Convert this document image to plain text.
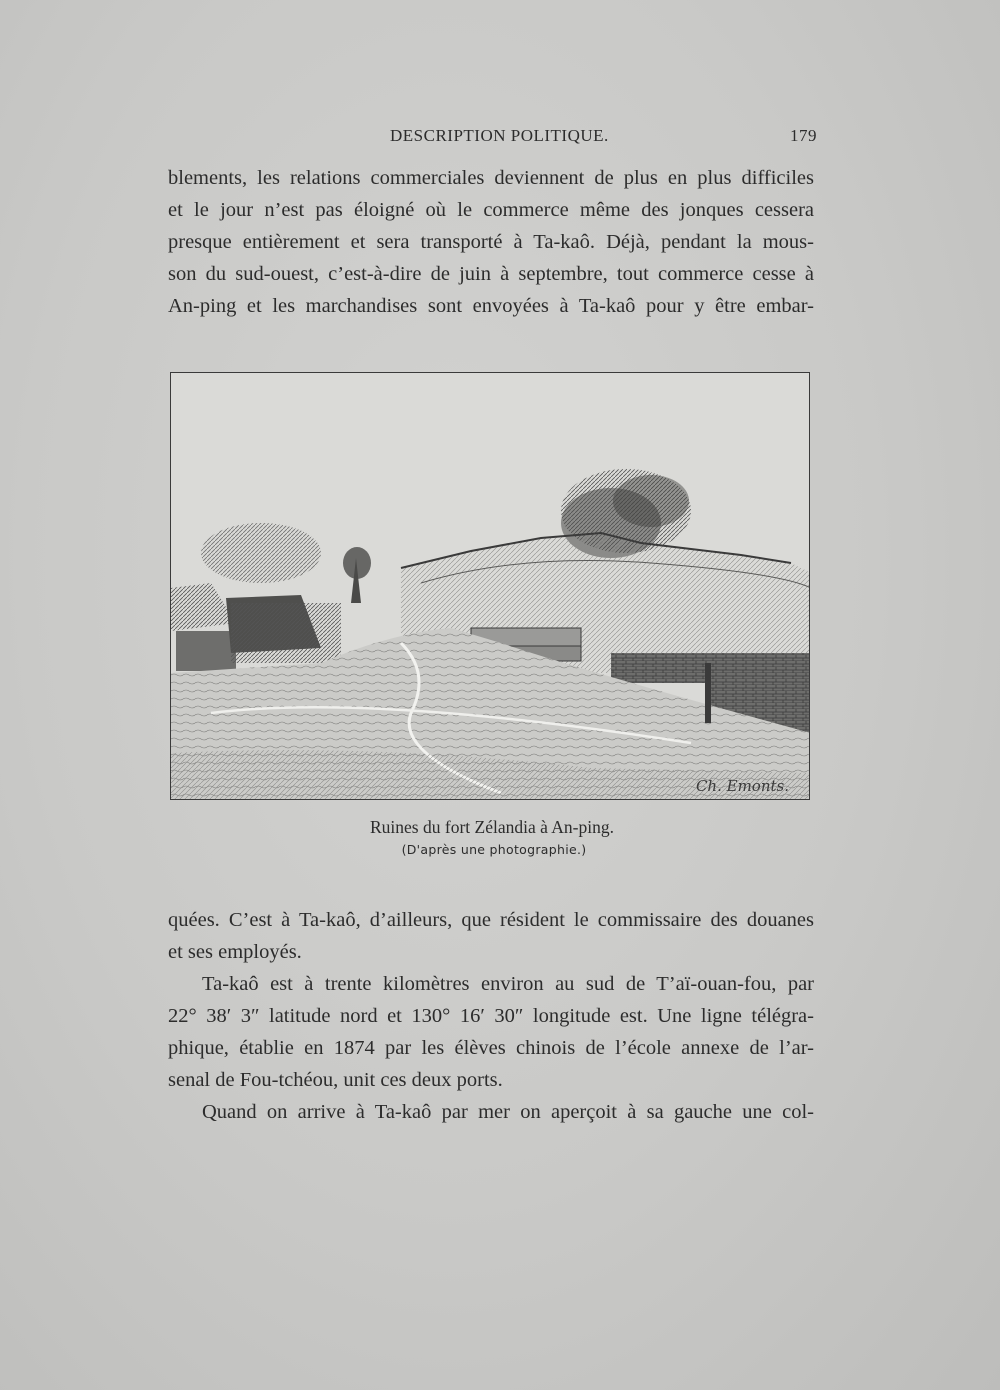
DESCRIPTION POLITIQUE.	179
blements, les relations commerciales deviennent de plus en plus difficiles
et le jour n’est pas éloigné où le commerce même des jonques cessera
presque entièrement et sera transporté à Ta-kaô. Déjà, pendant la mous-
son du sud-ouest, c’est-à-dire de juin à septembre, tout commerce cesse à
An-ping et les marchandises sont envoyées à Ta-kaô pour y être embar-
Ch. Emonts.
Ruines du fort Zélandia à An-ping.
(D'après une photographie.)
quées. C’est à Ta-kaô, d’ailleurs, que résident le commissaire des douanes
et ses employés.
Ta-kaô est à trente kilomètres environ au sud de T’aï-ouan-fou, par
22° 38′ 3″ latitude nord et 130° 16′ 30″ longitude est. Une ligne télégra-
phique, établie en 1874 par les élèves chinois de l’école annexe de l’ar-
senal de Fou-tchéou, unit ces deux ports.
Quand on arrive à Ta-kaô par mer on aperçoit à sa gauche une col-
